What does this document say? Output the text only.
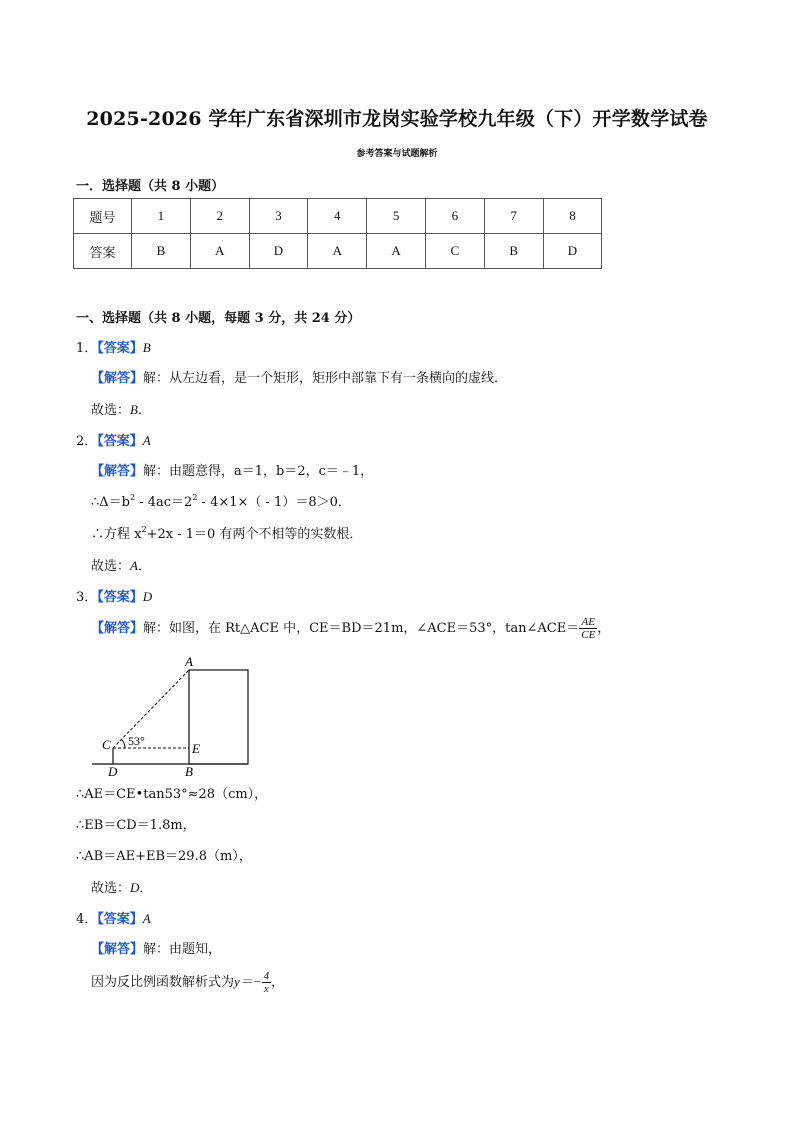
2025-2026 学年广东省深圳市龙岗实验学校九年级（下）开学数学试卷
参考答案与试题解析
一．选择题（共 8 小题）
题号	1	2	3	4	5	6	7	8
答案	B	A	D	A	A	C	B	D
一、选择题（共 8 小题，每题 3 分，共 24 分）
1．【答案】B
【解答】解：从左边看，是一个矩形，矩形中部靠下有一条横向的虚线．
故选：B．
2．【答案】A
【解答】解：由题意得，a＝1，b＝2，c＝﹣1，
$\therefore\Delta=b^2 - 4ac=2^2 - 4\times 1\times( - 1)=8>0$．
∴方程 $x^2+2x - 1=0$ 有两个不相等的实数根．
故选：A．
3．【答案】D
【解答】解：如图，在 Rt△ACE 中，CE＝BD＝21m，∠ACE＝53°，tan∠ACE＝ $\frac{AE}{CE}$ ，
A
C	E
D	B
53°
∴AE＝CE•tan53°≈28（cm），
∴EB＝CD＝1.8m，
∴AB＝AE+EB＝29.8（m），
故选：D．
4．【答案】A
【解答】解：由题知，
因为反比例函数解析式为$y=- \frac{4}{x}$ ，
